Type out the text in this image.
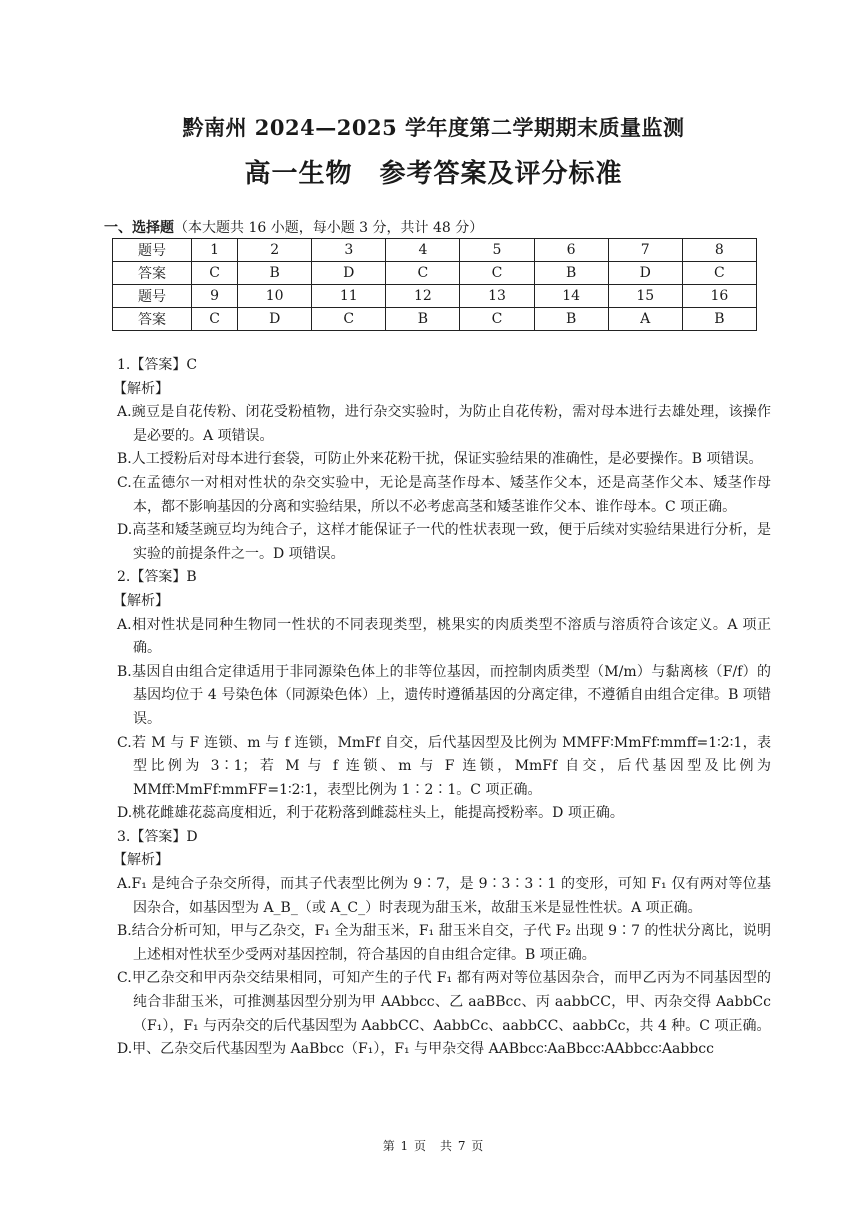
黔南州 2024—2025 学年度第二学期期末质量监测
高一生物　参考答案及评分标准
一、选择题（本大题共 16 小题，每小题 3 分，共计 48 分）
题号	1	2	3	4	5	6	7	8
答案	C	B	D	C	C	B	D	C
题号	9	10	11	12	13	14	15	16
答案	C	D	C	B	C	B	A	B

1.【答案】C

【解析】

A.豌豆是自花传粉、闭花受粉植物，进行杂交实验时，为防止自花传粉，需对母本进行去雄处理，该操作是必要的。A 项错误。

B.人工授粉后对母本进行套袋，可防止外来花粉干扰，保证实验结果的准确性，是必要操作。B 项错误。

C.在孟德尔一对相对性状的杂交实验中，无论是高茎作母本、矮茎作父本，还是高茎作父本、矮茎作母本，都不影响基因的分离和实验结果，所以不必考虑高茎和矮茎谁作父本、谁作母本。C 项正确。

D.高茎和矮茎豌豆均为纯合子，这样才能保证子一代的性状表现一致，便于后续对实验结果进行分析，是实验的前提条件之一。D 项错误。

2.【答案】B

【解析】

A.相对性状是同种生物同一性状的不同表现类型，桃果实的肉质类型不溶质与溶质符合该定义。A 项正确。

B.基因自由组合定律适用于非同源染色体上的非等位基因，而控制肉质类型（M/m）与黏离核（F/f）的基因均位于 4 号染色体（同源染色体）上，遗传时遵循基因的分离定律，不遵循自由组合定律。B 项错误。

C.若 M 与 F 连锁、m 与 f 连锁，MmFf 自交，后代基因型及比例为 MMFF∶MmFf∶mmff=1∶2∶1，表型比例为 3∶1；若 M 与 f 连锁、m 与 F 连锁，MmFf 自交，后代基因型及比例为 MMff∶MmFf∶mmFF=1∶2∶1，表型比例为 1∶2∶1。C 项正确。

D.桃花雌雄花蕊高度相近，利于花粉落到雌蕊柱头上，能提高授粉率。D 项正确。

3.【答案】D

【解析】

A.F₁ 是纯合子杂交所得，而其子代表型比例为 9∶7，是 9∶3∶3∶1 的变形，可知 F₁ 仅有两对等位基因杂合，如基因型为 A_B_（或 A_C_）时表现为甜玉米，故甜玉米是显性性状。A 项正确。

B.结合分析可知，甲与乙杂交，F₁ 全为甜玉米，F₁ 甜玉米自交，子代 F₂ 出现 9∶7 的性状分离比，说明上述相对性状至少受两对基因控制，符合基因的自由组合定律。B 项正确。

C.甲乙杂交和甲丙杂交结果相同，可知产生的子代 F₁ 都有两对等位基因杂合，而甲乙丙为不同基因型的纯合非甜玉米，可推测基因型分别为甲 AAbbcc、乙 aaBBcc、丙 aabbCC，甲、丙杂交得 AabbCc（F₁），F₁ 与丙杂交的后代基因型为 AabbCC、AabbCc、aabbCC、aabbCc，共 4 种。C 项正确。

D.甲、乙杂交后代基因型为 AaBbcc（F₁），F₁ 与甲杂交得 AABbcc∶AaBbcc∶AAbbcc∶Aabbcc

第 1 页　共 7 页
